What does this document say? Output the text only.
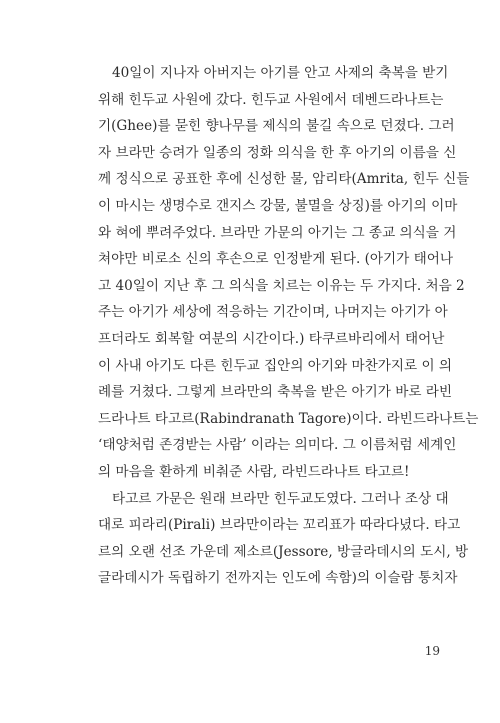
40일이 지나자 아버지는 아기를 안고 사제의 축복을 받기
위해 힌두교 사원에 갔다. 힌두교 사원에서 데벤드라나트는
기(Ghee)를 묻힌 향나무를 제식의 불길 속으로 던졌다. 그러
자 브라만 승려가 일종의 정화 의식을 한 후 아기의 이름을 신
께 정식으로 공표한 후에 신성한 물, 암리타(Amrita, 힌두 신들
이 마시는 생명수로 갠지스 강물, 불멸을 상징)를 아기의 이마
와 혀에 뿌려주었다. 브라만 가문의 아기는 그 종교 의식을 거
쳐야만 비로소 신의 후손으로 인정받게 된다. (아기가 태어나
고 40일이 지난 후 그 의식을 치르는 이유는 두 가지다. 처음 2
주는 아기가 세상에 적응하는 기간이며, 나머지는 아기가 아
프더라도 회복할 여분의 시간이다.) 타쿠르바리에서 태어난
이 사내 아기도 다른 힌두교 집안의 아기와 마찬가지로 이 의
례를 거쳤다. 그렇게 브라만의 축복을 받은 아기가 바로 라빈
드라나트 타고르(Rabindranath Tagore)이다. 라빈드라나트는
‘태양처럼 존경받는 사람’ 이라는 의미다. 그 이름처럼 세계인
의 마음을 환하게 비춰준 사람, 라빈드라나트 타고르!
타고르 가문은 원래 브라만 힌두교도였다. 그러나 조상 대
대로 피라리(Pirali) 브라만이라는 꼬리표가 따라다녔다. 타고
르의 오랜 선조 가운데 제소르(Jessore, 방글라데시의 도시, 방
글라데시가 독립하기 전까지는 인도에 속함)의 이슬람 통치자
19
